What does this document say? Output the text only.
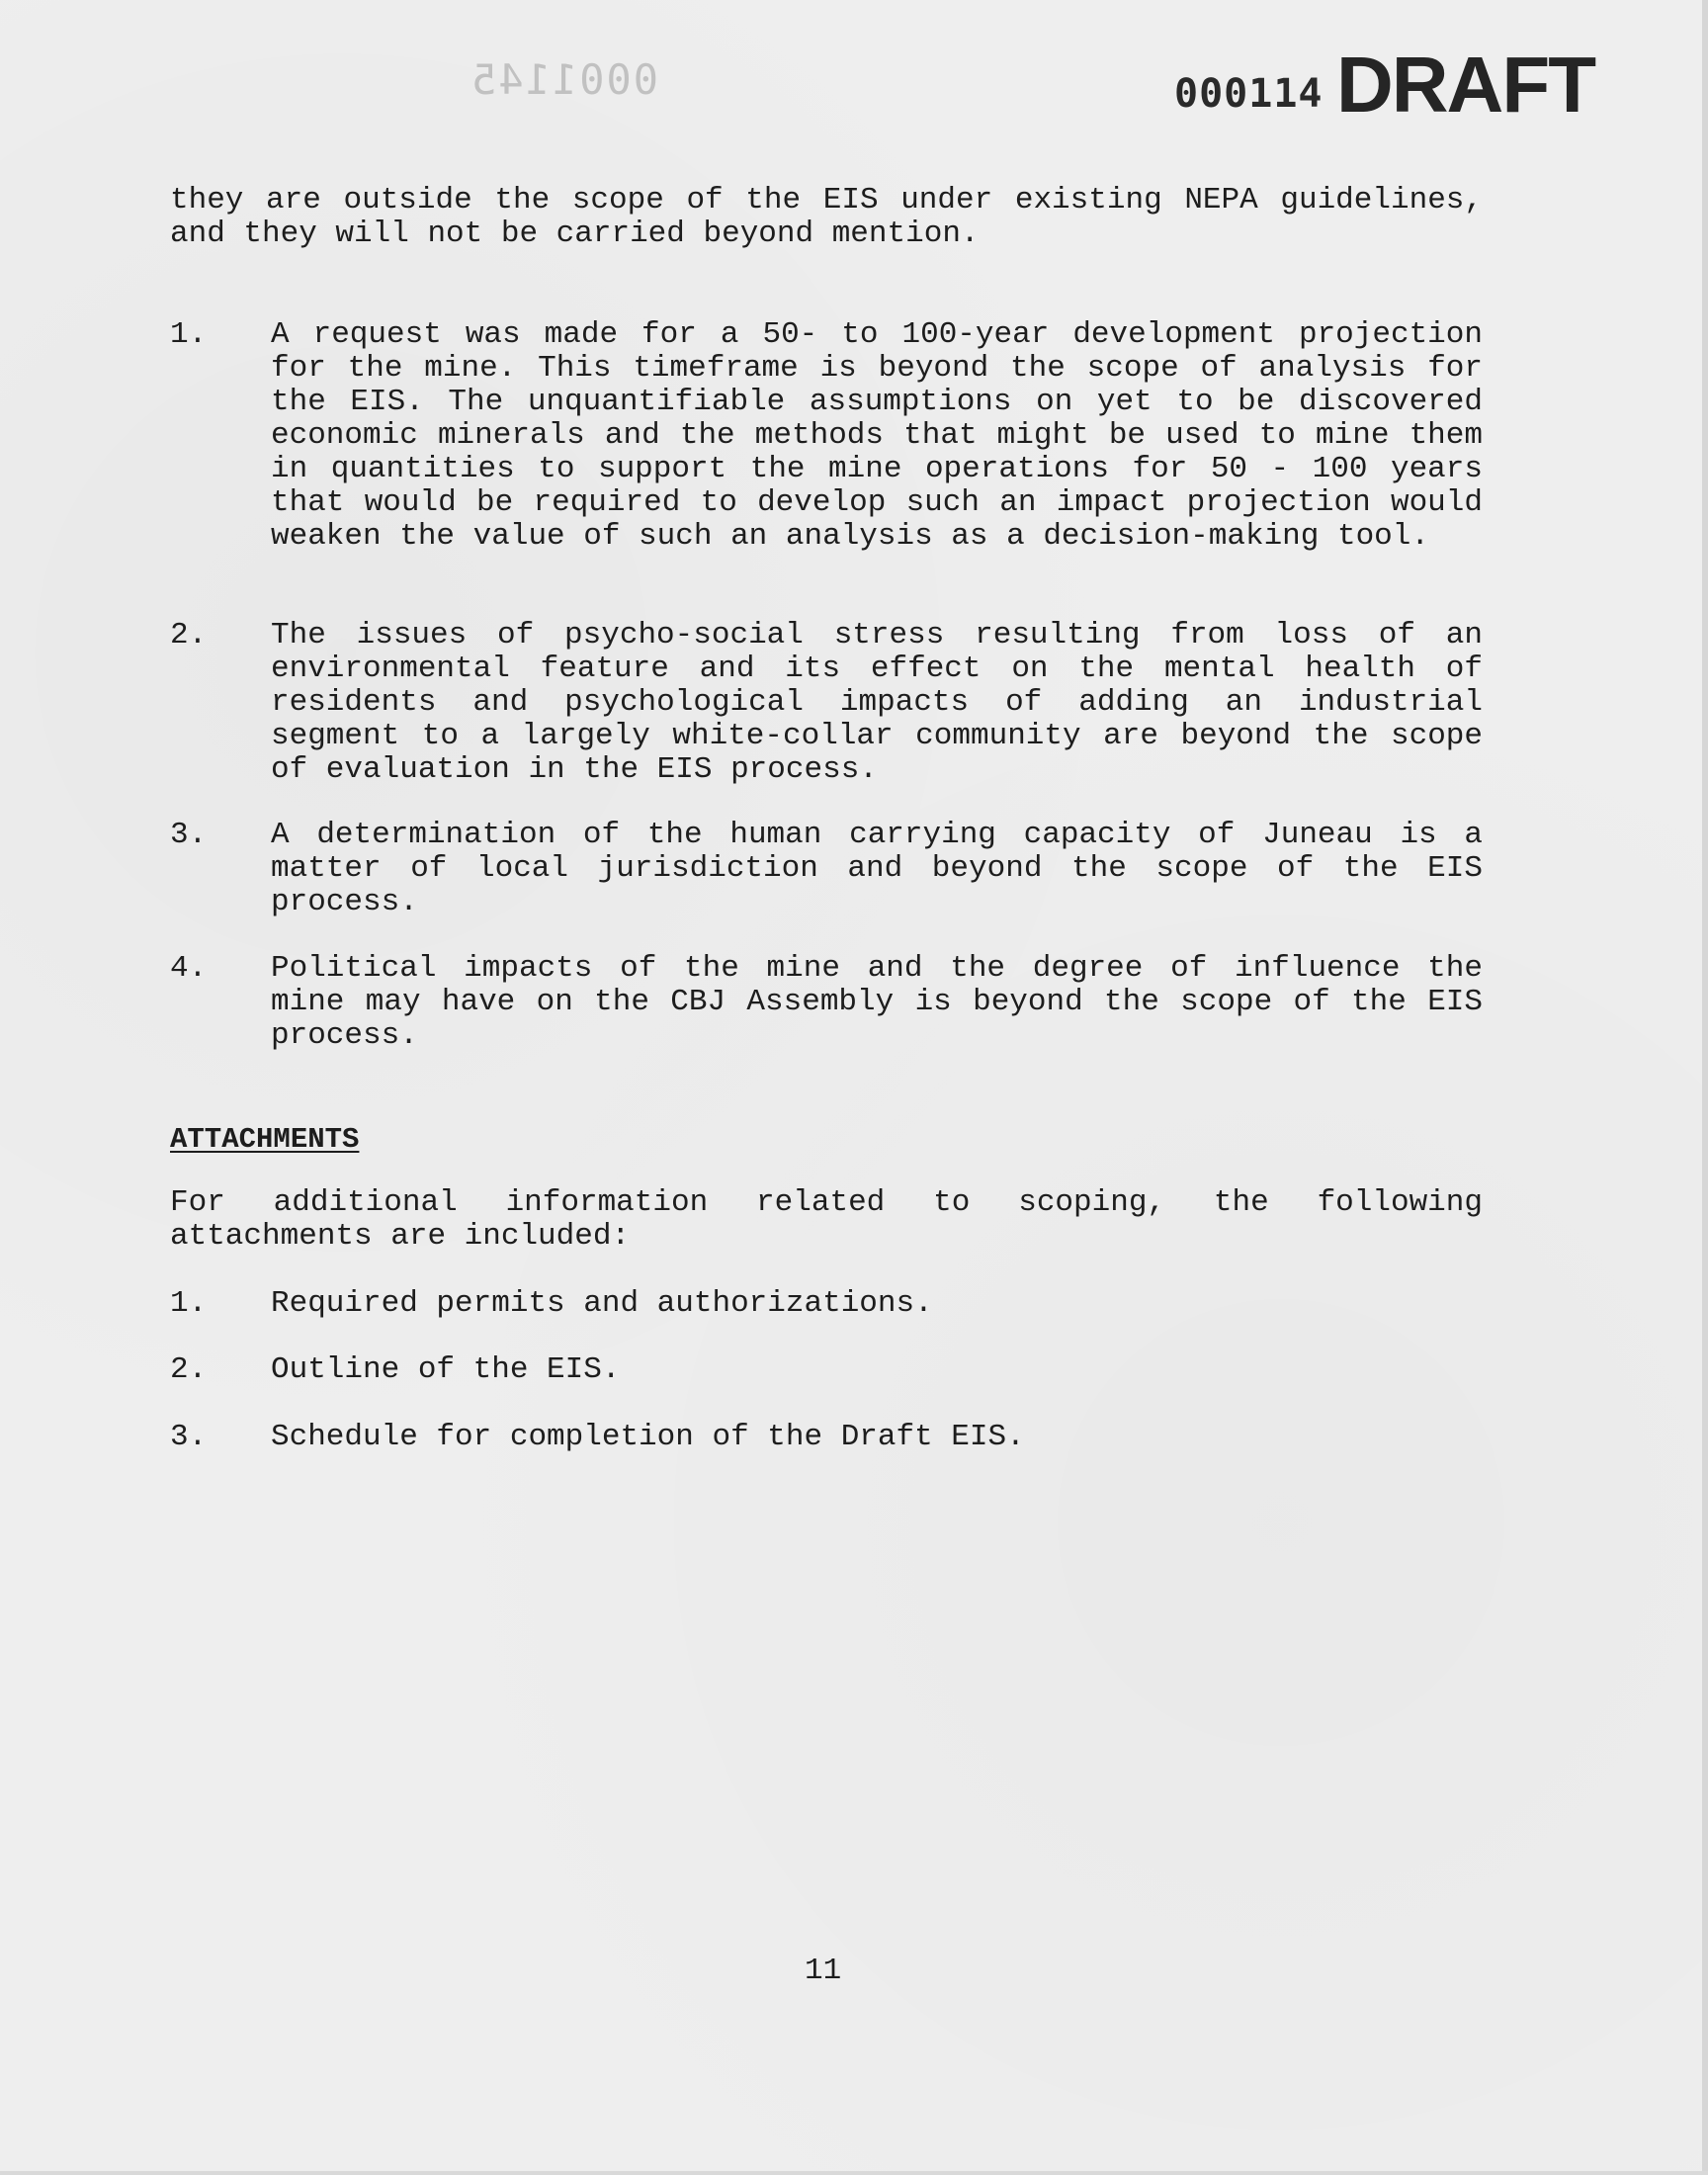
0001145	000114 DRAFT
they are outside the scope of the EIS under existing NEPA guidelines, and they will not be carried beyond mention.
1.	A request was made for a 50- to 100-year development projection for the mine. This timeframe is beyond the scope of analysis for the EIS. The unquantifiable assumptions on yet to be discovered economic minerals and the methods that might be used to mine them in quantities to support the mine operations for 50 - 100 years that would be required to develop such an impact projection would weaken the value of such an analysis as a decision-making tool.
2.	The issues of psycho-social stress resulting from loss of an environmental feature and its effect on the mental health of residents and psychological impacts of adding an industrial segment to a largely white-collar community are beyond the scope of evaluation in the EIS process.
3.	A determination of the human carrying capacity of Juneau is a matter of local jurisdiction and beyond the scope of the EIS process.
4.	Political impacts of the mine and the degree of influence the mine may have on the CBJ Assembly is beyond the scope of the EIS process.
ATTACHMENTS
For additional information related to scoping, the following attachments are included:
1.	Required permits and authorizations.
2.	Outline of the EIS.
3.	Schedule for completion of the Draft EIS.
11
